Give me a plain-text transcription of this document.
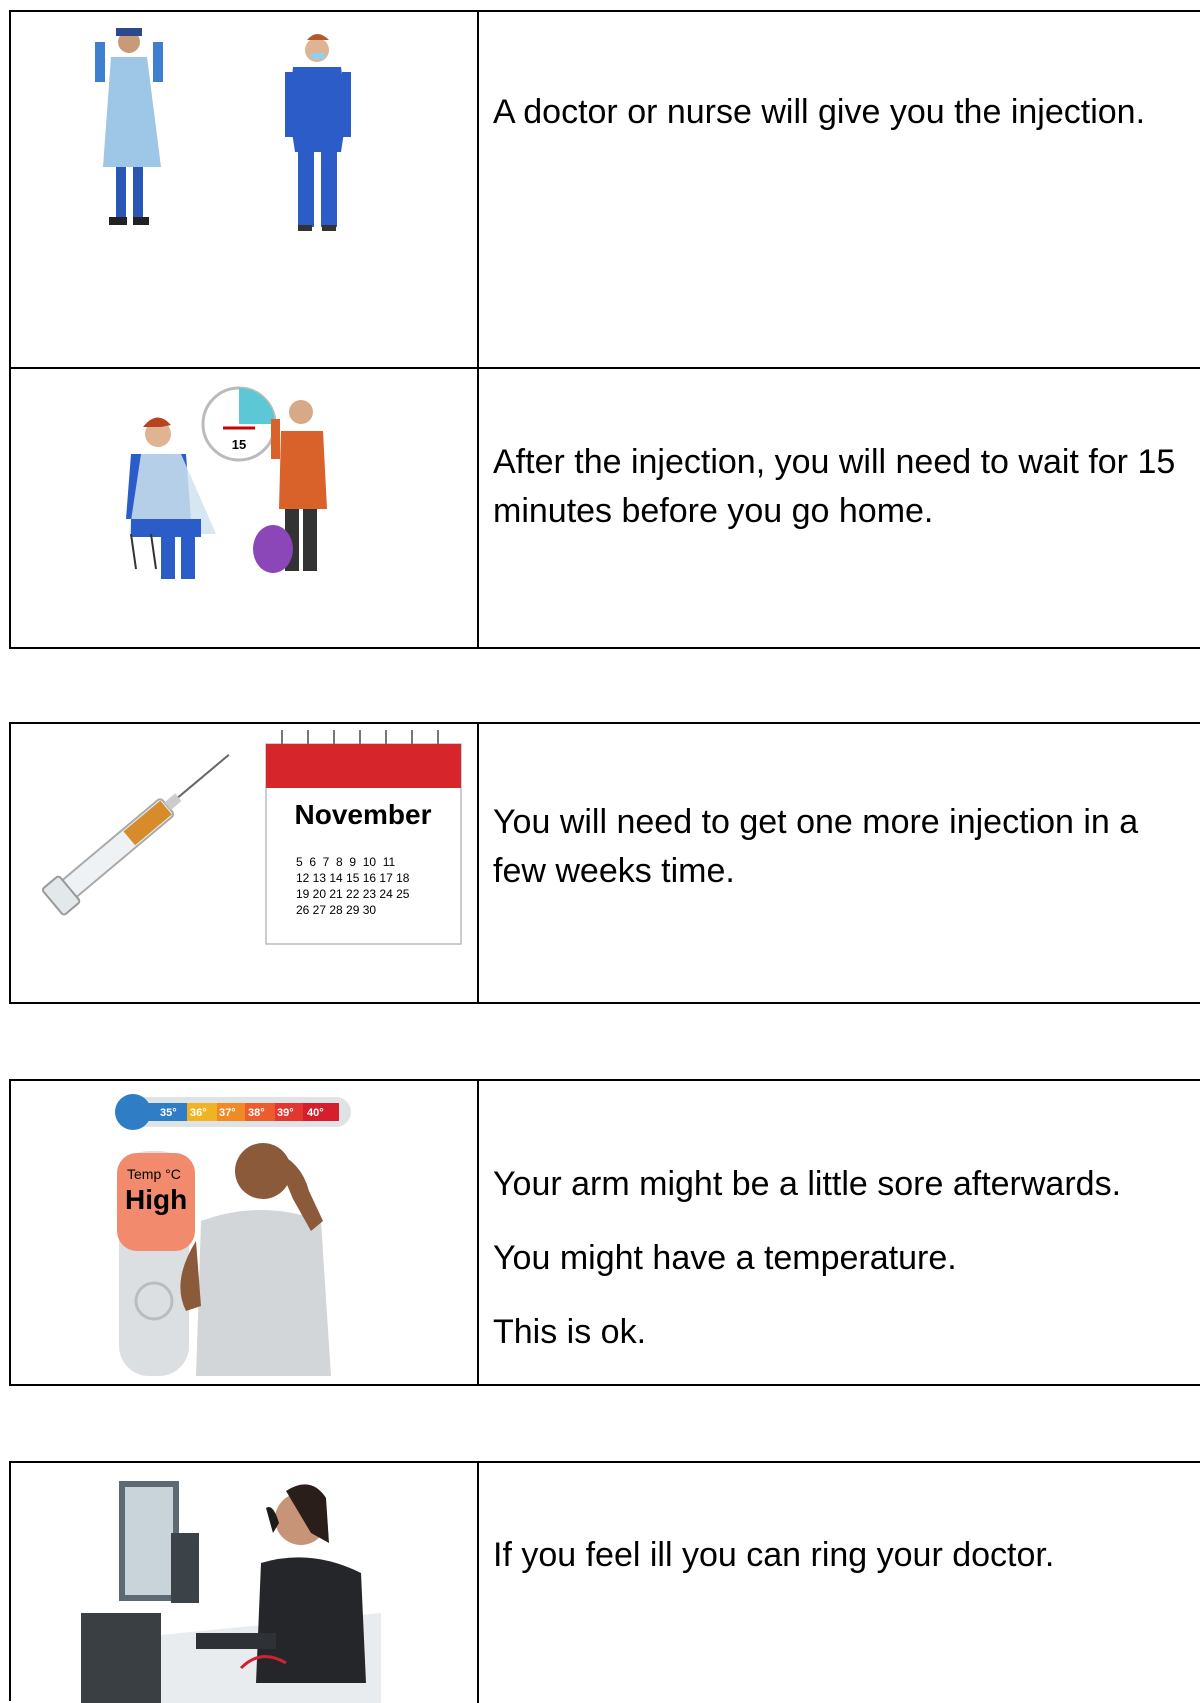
A doctor or nurse will give you the injection.

15	After the injection, you will need to wait for 15 minutes before you go home.

November
5  6  7  8  9  10  11
12 13 14 15 16 17 18
19 20 21 22 23 24 25
26 27 28 29 30

You will need to get one more injection in a few weeks time.

35° 36° 37° 38° 39° 40°
Temp °C
High	Your arm might be a little sore afterwards.

You might have a temperature.

This is ok.

If you feel ill you can ring your doctor.
